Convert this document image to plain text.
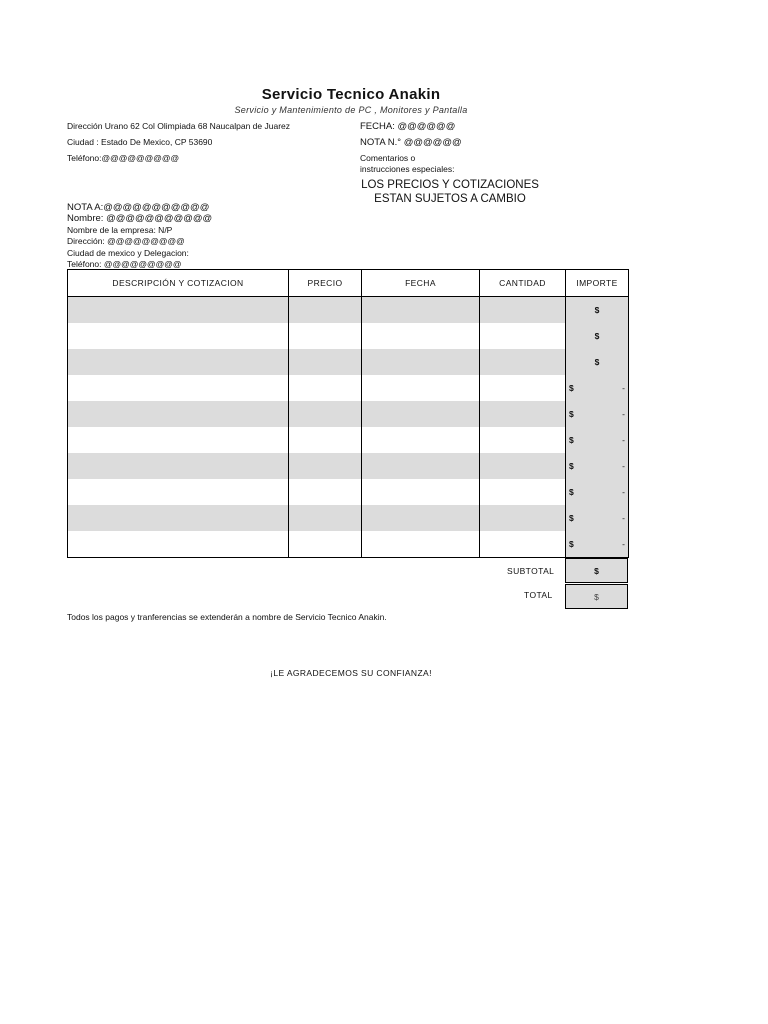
Servicio Tecnico Anakin
Servicio y Mantenimiento de PC , Monitores y Pantalla
Dirección Urano 62 Col Olimpiada 68 Naucalpan de Juarez
Ciudad : Estado De Mexico, CP 53690
Teléfono:@@@@@@@@@
FECHA: @@@@@@
NOTA N.° @@@@@@
Comentarios o
instrucciones especiales:
LOS PRECIOS Y COTIZACIONES
ESTAN SUJETOS A CAMBIO
NOTA A:@@@@@@@@@@@
Nombre: @@@@@@@@@@@
Nombre de la empresa: N/P
Dirección: @@@@@@@@@
Ciudad de mexico y Delegacion:
Teléfono: @@@@@@@@@
DESCRIPCIÓN Y COTIZACION	PRECIO	FECHA	CANTIDAD	IMPORTE
				$
				$
				$

				$ -

				$ -

				$ -

				$ -

				$ -

				$ -

				$ -
SUBTOTAL	$
TOTAL	$
Todos los pagos y tranferencias se extenderán a nombre de Servicio Tecnico Anakin.
¡LE AGRADECEMOS SU CONFIANZA!
